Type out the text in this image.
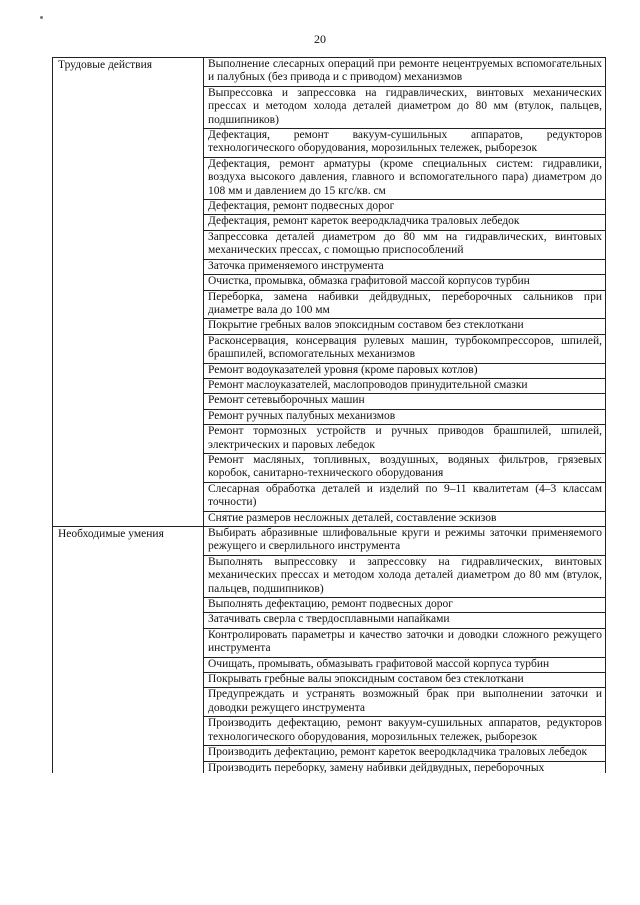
20
Трудовые действия	Выполнение слесарных операций при ремонте нецентруемых вспомогательных и палубных (без привода и с приводом) механизмов
	Выпрессовка и запрессовка на гидравлических, винтовых механических прессах и методом холода деталей диаметром до 80 мм (втулок, пальцев, подшипников)
	Дефектация, ремонт вакуум-сушильных аппаратов, редукторов технологического оборудования, морозильных тележек, рыборезок
	Дефектация, ремонт арматуры (кроме специальных систем: гидравлики, воздуха высокого давления, главного и вспомогательного пара) диаметром до 108 мм и давлением до 15 кгс/кв. см
	Дефектация, ремонт подвесных дорог
	Дефектация, ремонт кареток вееродкладчика траловых лебедок
	Запрессовка деталей диаметром до 80 мм на гидравлических, винтовых механических прессах, с помощью приспособлений
	Заточка применяемого инструмента
	Очистка, промывка, обмазка графитовой массой корпусов турбин
	Переборка, замена набивки дейдвудных, переборочных сальников при диаметре вала до 100 мм
	Покрытие гребных валов эпоксидным составом без стеклоткани
	Расконсервация, консервация рулевых машин, турбокомпрессоров, шпилей, брашпилей, вспомогательных механизмов
	Ремонт водоуказателей уровня (кроме паровых котлов)
	Ремонт маслоуказателей, маслопроводов принудительной смазки
	Ремонт сетевыборочных машин
	Ремонт ручных палубных механизмов
	Ремонт тормозных устройств и ручных приводов брашпилей, шпилей, электрических и паровых лебедок
	Ремонт масляных, топливных, воздушных, водяных фильтров, грязевых коробок, санитарно-технического оборудования
	Слесарная обработка деталей и изделий по 9–11 квалитетам (4–3 классам точности)
	Снятие размеров несложных деталей, составление эскизов
Необходимые умения	Выбирать абразивные шлифовальные круги и режимы заточки применяемого режущего и сверлильного инструмента
	Выполнять выпрессовку и запрессовку на гидравлических, винтовых механических прессах и методом холода деталей диаметром до 80 мм (втулок, пальцев, подшипников)
	Выполнять дефектацию, ремонт подвесных дорог
	Затачивать сверла с твердосплавными напайками
	Контролировать параметры и качество заточки и доводки сложного режущего инструмента
	Очищать, промывать, обмазывать графитовой массой корпуса турбин
	Покрывать гребные валы эпоксидным составом без стеклоткани
	Предупреждать и устранять возможный брак при выполнении заточки и доводки режущего инструмента
	Производить дефектацию, ремонт вакуум-сушильных аппаратов, редукторов технологического оборудования, морозильных тележек, рыборезок
	Производить дефектацию, ремонт кареток вееродкладчика траловых лебедок

	Производить переборку, замену набивки дейдвудных, переборочных
